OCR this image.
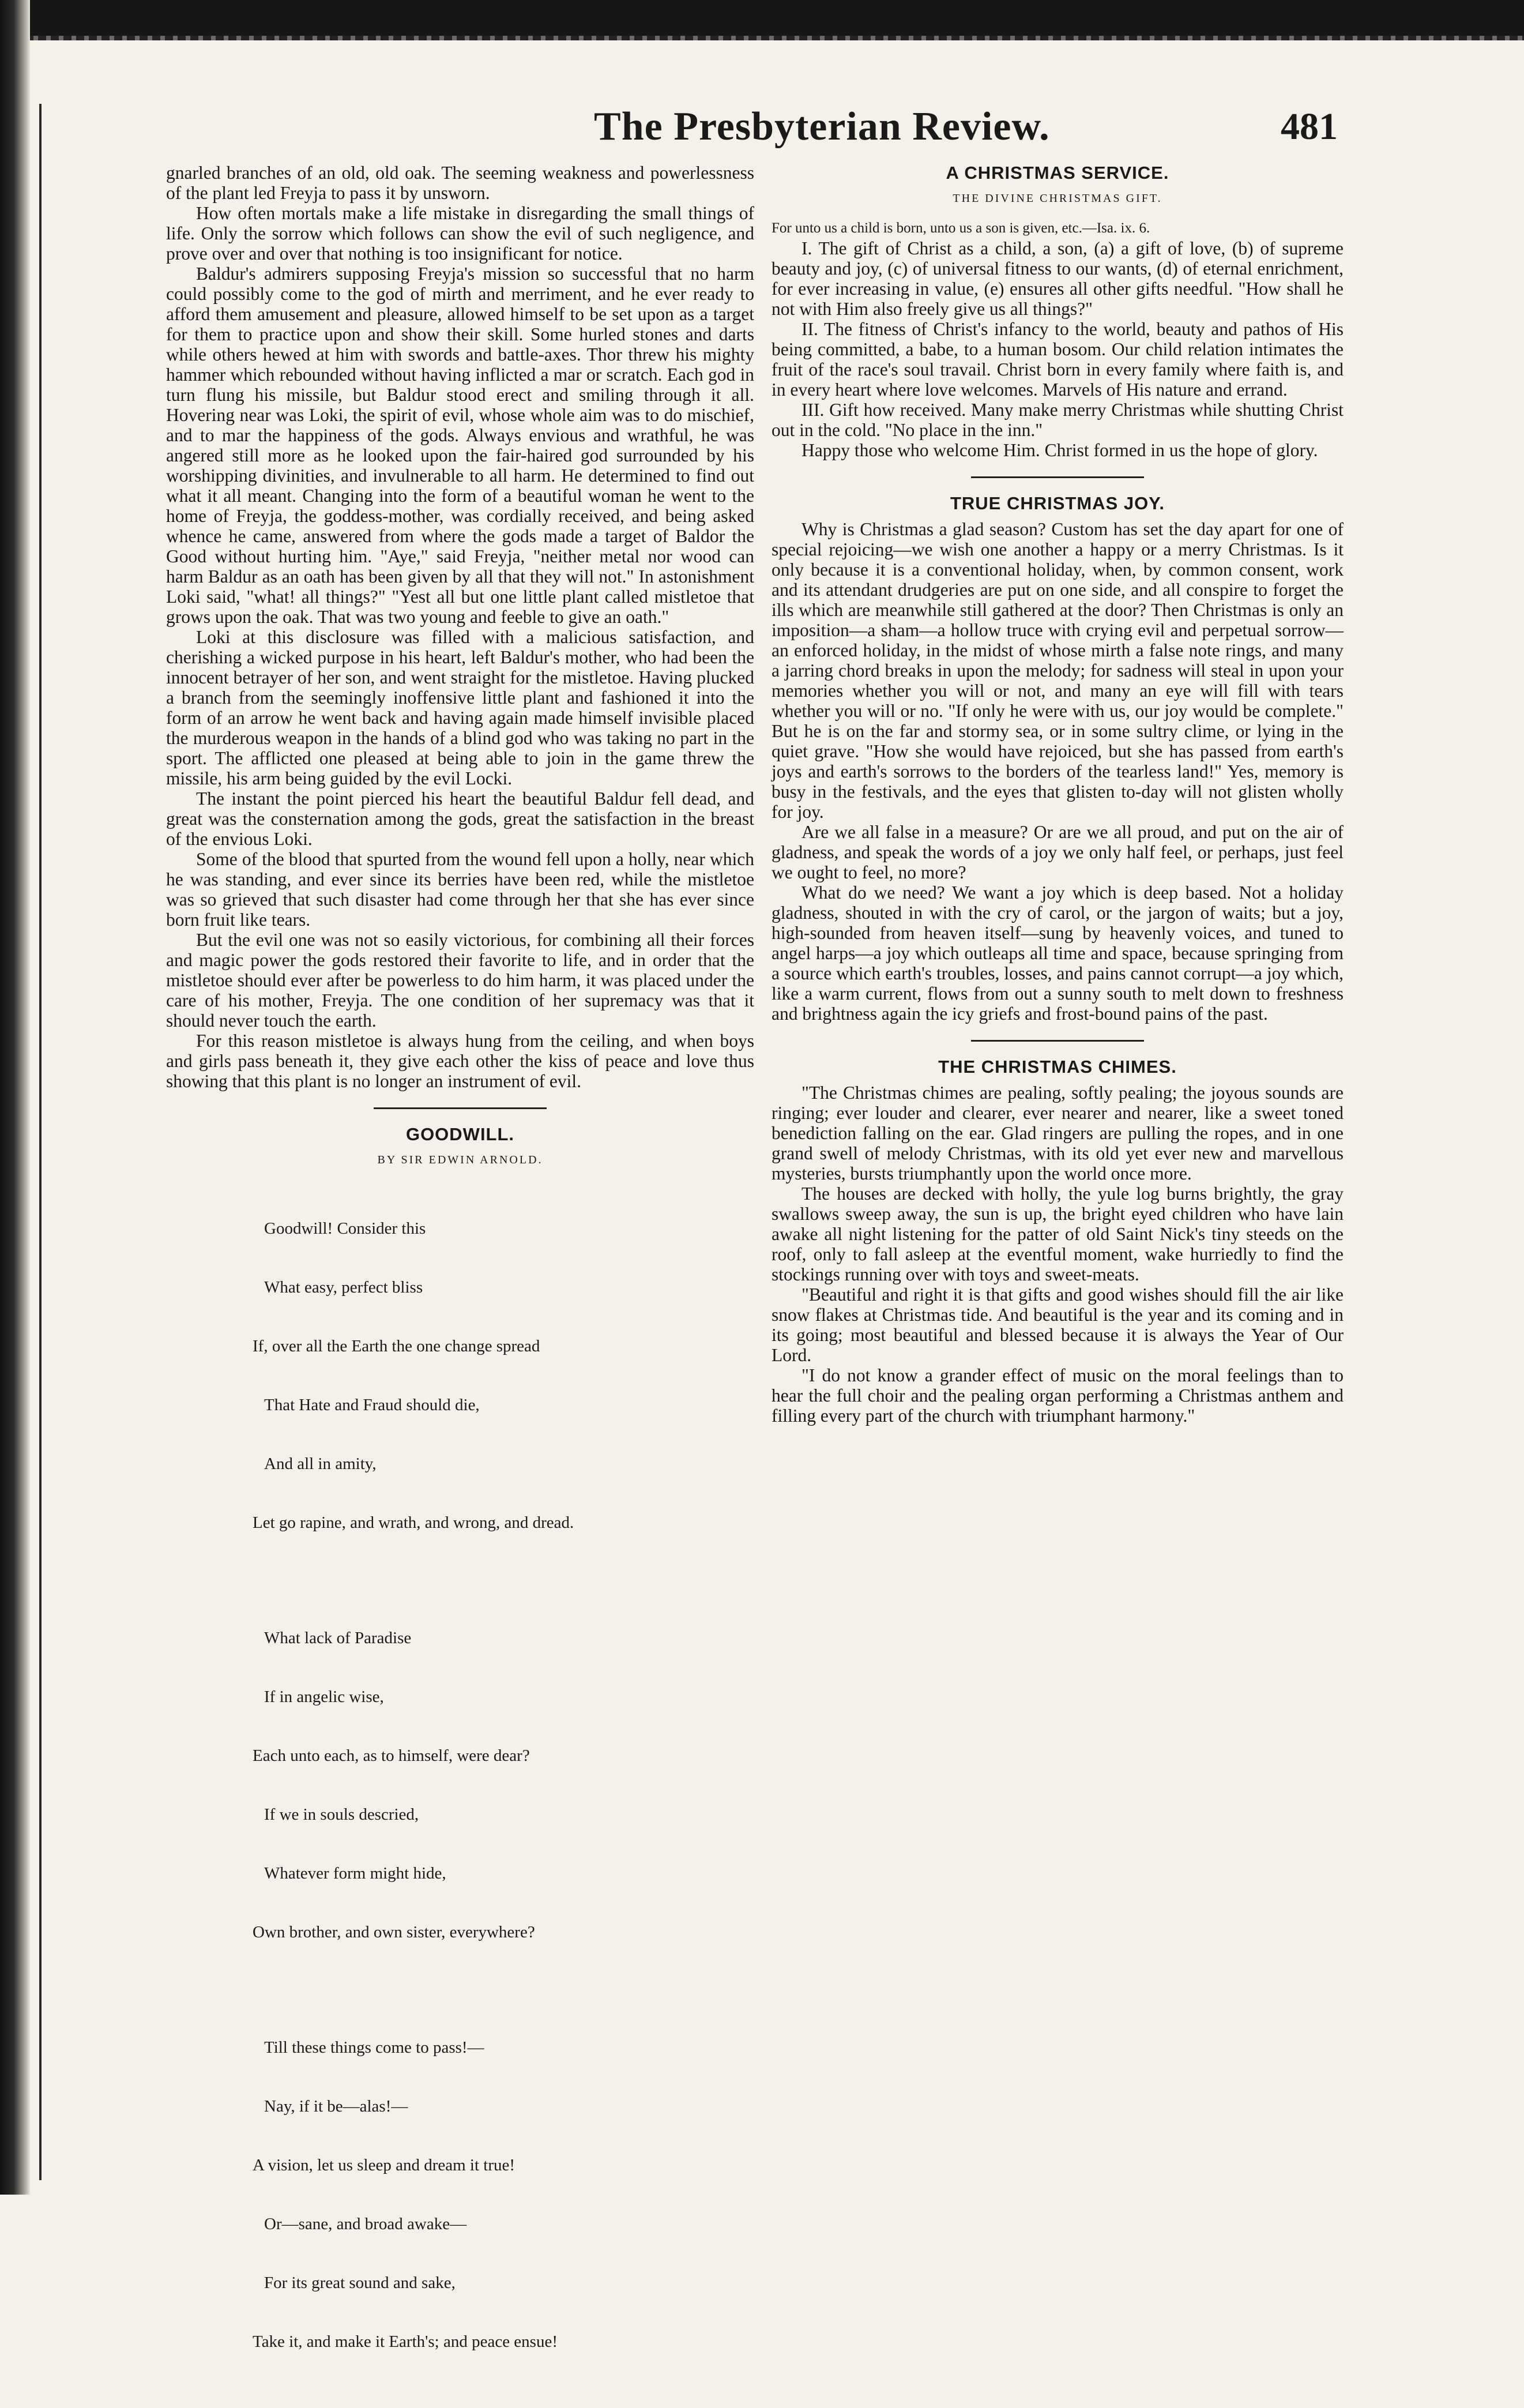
The Presbyterian Review.	481

gnarled branches of an old, old oak. The seeming weakness and powerlessness of the plant led Freyja to pass it by unsworn.

How often mortals make a life mistake in disregarding the small things of life. Only the sorrow which follows can show the evil of such negligence, and prove over and over that nothing is too insignificant for notice.

Baldur's admirers supposing Freyja's mission so successful that no harm could possibly come to the god of mirth and merriment, and he ever ready to afford them amusement and pleasure, allowed himself to be set upon as a target for them to practice upon and show their skill. Some hurled stones and darts while others hewed at him with swords and battle-axes. Thor threw his mighty hammer which rebounded without having inflicted a mar or scratch. Each god in turn flung his missile, but Baldur stood erect and smiling through it all. Hovering near was Loki, the spirit of evil, whose whole aim was to do mischief, and to mar the happiness of the gods. Always envious and wrathful, he was angered still more as he looked upon the fair-haired god surrounded by his worshipping divinities, and invulnerable to all harm. He determined to find out what it all meant. Changing into the form of a beautiful woman he went to the home of Freyja, the goddess-mother, was cordially received, and being asked whence he came, answered from where the gods made a target of Baldor the Good without hurting him. "Aye," said Freyja, "neither metal nor wood can harm Baldur as an oath has been given by all that they will not." In astonishment Loki said, "what! all things?" "Yest all but one little plant called mistletoe that grows upon the oak. That was two young and feeble to give an oath."

Loki at this disclosure was filled with a malicious satisfaction, and cherishing a wicked purpose in his heart, left Baldur's mother, who had been the innocent betrayer of her son, and went straight for the mistletoe. Having plucked a branch from the seemingly inoffensive little plant and fashioned it into the form of an arrow he went back and having again made himself invisible placed the murderous weapon in the hands of a blind god who was taking no part in the sport. The afflicted one pleased at being able to join in the game threw the missile, his arm being guided by the evil Locki.

The instant the point pierced his heart the beautiful Baldur fell dead, and great was the consternation among the gods, great the satisfaction in the breast of the envious Loki.

Some of the blood that spurted from the wound fell upon a holly, near which he was standing, and ever since its berries have been red, while the mistletoe was so grieved that such disaster had come through her that she has ever since born fruit like tears.

But the evil one was not so easily victorious, for combining all their forces and magic power the gods restored their favorite to life, and in order that the mistletoe should ever after be powerless to do him harm, it was placed under the care of his mother, Freyja. The one condition of her supremacy was that it should never touch the earth.

For this reason mistletoe is always hung from the ceiling, and when boys and girls pass beneath it, they give each other the kiss of peace and love thus showing that this plant is no longer an instrument of evil.

GOODWILL.
BY SIR EDWIN ARNOLD.

Goodwill! Consider this

What easy, perfect bliss

If, over all the Earth the one change spread

That Hate and Fraud should die,

And all in amity,

Let go rapine, and wrath, and wrong, and dread.

What lack of Paradise

If in angelic wise,

Each unto each, as to himself, were dear?

If we in souls descried,

Whatever form might hide,

Own brother, and own sister, everywhere?

Till these things come to pass!—

Nay, if it be—alas!—

A vision, let us sleep and dream it true!

Or—sane, and broad awake—

For its great sound and sake,

Take it, and make it Earth's; and peace ensue!

A CHRISTMAS SERVICE.
THE DIVINE CHRISTMAS GIFT.

For unto us a child is born, unto us a son is given, etc.—Isa. ix. 6.

I. The gift of Christ as a child, a son, (a) a gift of love, (b) of supreme beauty and joy, (c) of universal fitness to our wants, (d) of eternal enrichment, for ever increasing in value, (e) ensures all other gifts needful. "How shall he not with Him also freely give us all things?"

II. The fitness of Christ's infancy to the world, beauty and pathos of His being committed, a babe, to a human bosom. Our child relation intimates the fruit of the race's soul travail. Christ born in every family where faith is, and in every heart where love welcomes. Marvels of His nature and errand.

III. Gift how received. Many make merry Christmas while shutting Christ out in the cold. "No place in the inn."

Happy those who welcome Him. Christ formed in us the hope of glory.

TRUE CHRISTMAS JOY.

Why is Christmas a glad season? Custom has set the day apart for one of special rejoicing—we wish one another a happy or a merry Christmas. Is it only because it is a conventional holiday, when, by common consent, work and its attendant drudgeries are put on one side, and all conspire to forget the ills which are meanwhile still gathered at the door? Then Christmas is only an imposition—a sham—a hollow truce with crying evil and perpetual sorrow—an enforced holiday, in the midst of whose mirth a false note rings, and many a jarring chord breaks in upon the melody; for sadness will steal in upon your memories whether you will or not, and many an eye will fill with tears whether you will or no. "If only he were with us, our joy would be complete." But he is on the far and stormy sea, or in some sultry clime, or lying in the quiet grave. "How she would have rejoiced, but she has passed from earth's joys and earth's sorrows to the borders of the tearless land!" Yes, memory is busy in the festivals, and the eyes that glisten to-day will not glisten wholly for joy.

Are we all false in a measure? Or are we all proud, and put on the air of gladness, and speak the words of a joy we only half feel, or perhaps, just feel we ought to feel, no more?

What do we need? We want a joy which is deep based. Not a holiday gladness, shouted in with the cry of carol, or the jargon of waits; but a joy, high-sounded from heaven itself—sung by heavenly voices, and tuned to angel harps—a joy which outleaps all time and space, because springing from a source which earth's troubles, losses, and pains cannot corrupt—a joy which, like a warm current, flows from out a sunny south to melt down to freshness and brightness again the icy griefs and frost-bound pains of the past.

THE CHRISTMAS CHIMES.

"The Christmas chimes are pealing, softly pealing; the joyous sounds are ringing; ever louder and clearer, ever nearer and nearer, like a sweet toned benediction falling on the ear. Glad ringers are pulling the ropes, and in one grand swell of melody Christmas, with its old yet ever new and marvellous mysteries, bursts triumphantly upon the world once more.

The houses are decked with holly, the yule log burns brightly, the gray swallows sweep away, the sun is up, the bright eyed children who have lain awake all night listening for the patter of old Saint Nick's tiny steeds on the roof, only to fall asleep at the eventful moment, wake hurriedly to find the stockings running over with toys and sweet-meats.

"Beautiful and right it is that gifts and good wishes should fill the air like snow flakes at Christmas tide. And beautiful is the year and its coming and in its going; most beautiful and blessed because it is always the Year of Our Lord.

"I do not know a grander effect of music on the moral feelings than to hear the full choir and the pealing organ performing a Christmas anthem and filling every part of the church with triumphant harmony."
